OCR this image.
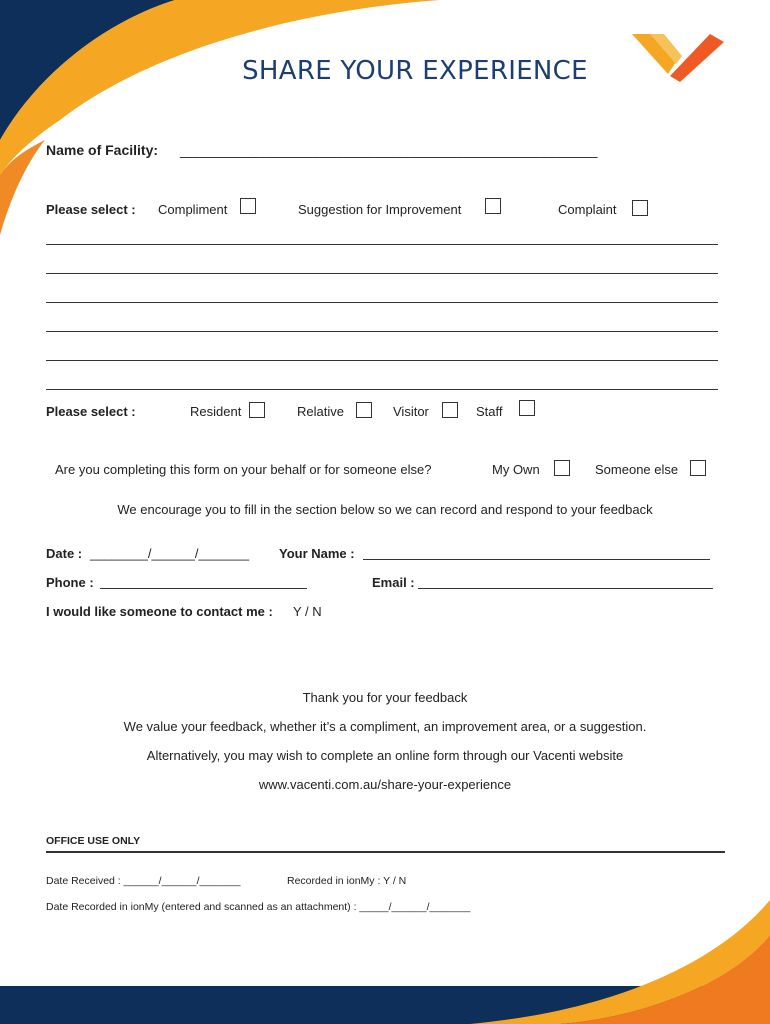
SHARE YOUR EXPERIENCE
Name of Facility: _______________________________________________________
Please select : Compliment	Suggestion for Improvement	Complaint
Please select :	Resident	Relative	Visitor	Staff
Are you completing this form on your behalf or for someone else?	My Own	Someone else
We encourage you to fill in the section below so we can record and respond to your feedback
Date : ________/______/_______ Your Name :
Phone :	Email :
I would like someone to contact me : Y / N
Thank you for your feedback
We value your feedback, whether it’s a compliment, an improvement area, or a suggestion.
Alternatively, you may wish to complete an online form through our Vacenti website
www.vacenti.com.au/share-your-experience
OFFICE USE ONLY
Date Received : ______/______/_______	Recorded in ionMy : Y / N
Date Recorded in ionMy (entered and scanned as an attachment) : _____/______/_______
